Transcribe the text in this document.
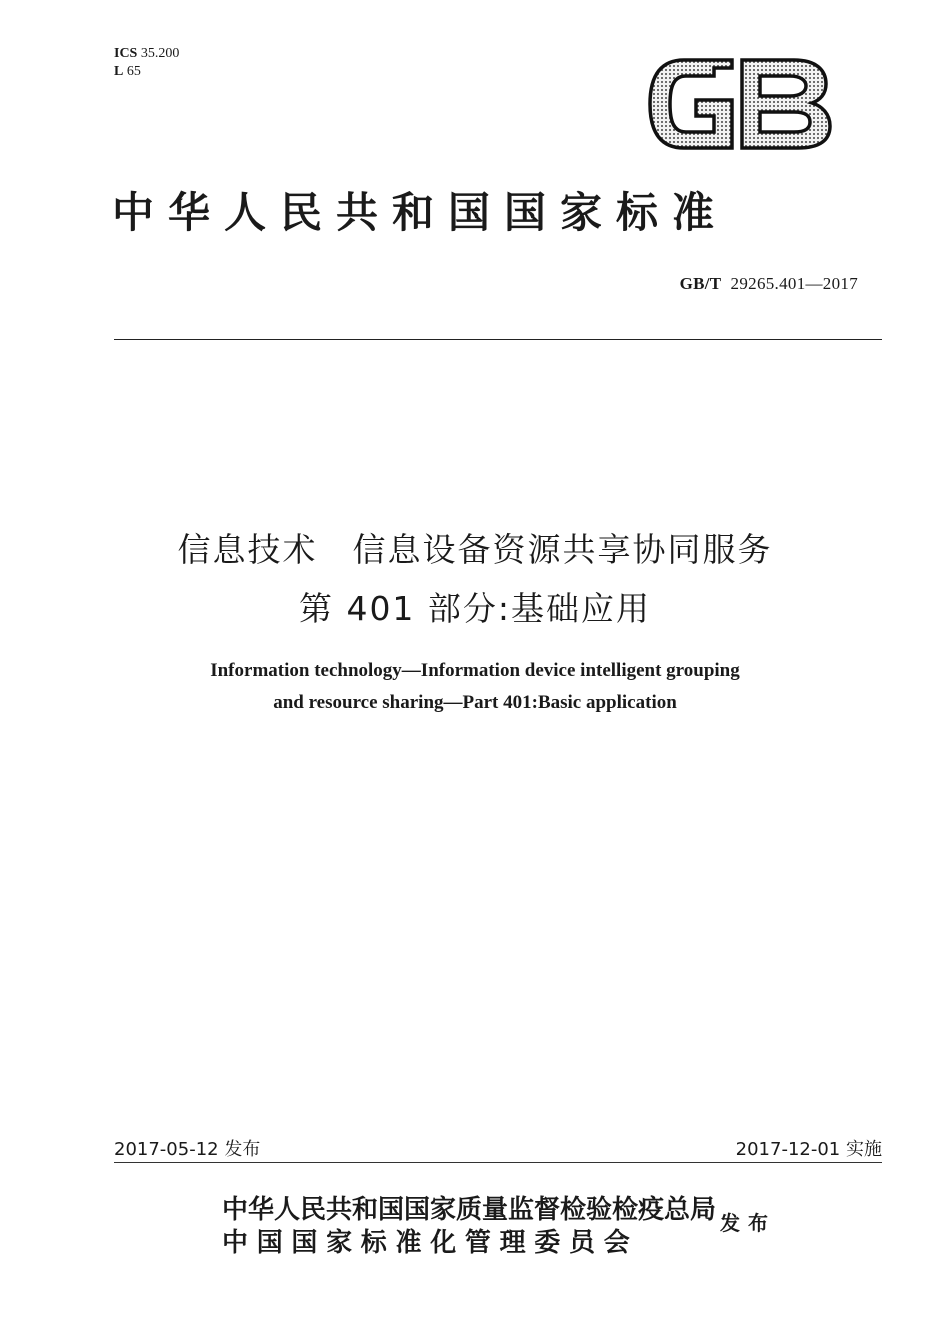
ICS 35.200
L 65
中华人民共和国国家标准
GB/T 29265.401—2017
信息技术　信息设备资源共享协同服务
第 401 部分:基础应用
Information technology—Information device intelligent grouping
and resource sharing—Part 401:Basic application
2017-05-12 发布	2017-12-01 实施
中华人民共和国国家质量监督检验检疫总局
中国国家标准化管理委员会
发布
